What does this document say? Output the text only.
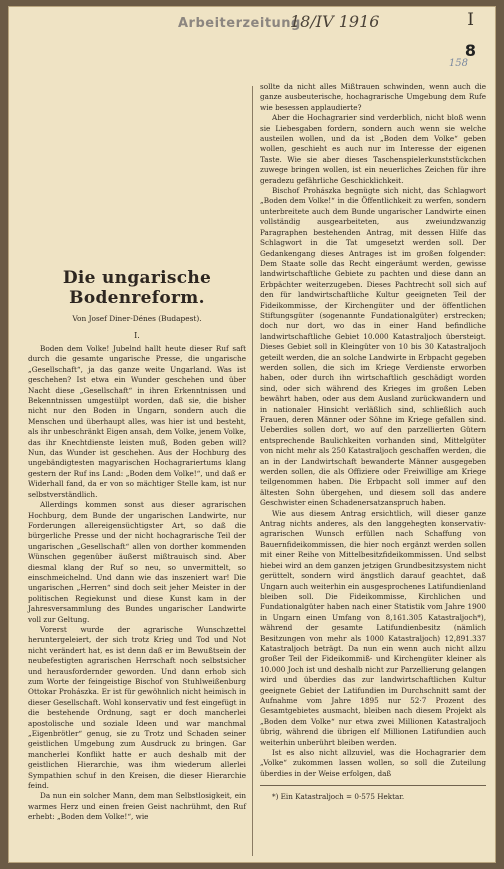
Arbeiterzeitung
18/IV 1916	I
8
158
Die ungarische Bodenreform.
Von Josef Diner-Dénes (Budapest).
I.

Boden dem Volke! Jubelnd hallt heute dieser Ruf saft durch die gesamte ungarische Presse, die ungarische „Gesellschaft“, ja das ganze weite Ungarland. Was ist geschehen? Ist etwa ein Wunder geschehen und über Nacht diese „Gesellschaft“ in ihren Erkenntnissen und Bekenntnissen umgestülpt worden, daß sie, die bisher nicht nur den Boden in Ungarn, sondern auch die Menschen und überhaupt alles, was hier ist und besteht, als ihr unbeschränkt Eigen ansah, dem Volke, jenem Volke, das ihr Knechtdienste leisten muß, Boden geben will? Nun, das Wunder ist geschehen. Aus der Hochburg des ungebändigtesten magyarischen Hochagrariertums klang gestern der Ruf ins Land: „Boden dem Volke!“, und daß er Widerhall fand, da er von so mächtiger Stelle kam, ist nur selbstverständlich.

Allerdings kommen sonst aus dieser agrarischen Hochburg, dem Bunde der ungarischen Landwirte, nur Forderungen allereigensüchtigster Art, so daß die bürgerliche Presse und der nicht hochagrarische Teil der ungarischen „Gesellschaft“ allen von dorther kommenden Wünschen gegenüber äußerst mißtrauisch sind. Aber diesmal klang der Ruf so neu, so unvermittelt, so einschmeichelnd. Und dann wie das inszeniert war! Die ungarischen „Herren“ sind doch seit jeher Meister in der politischen Regiekunst und diese Kunst kam in der Jahresversammlung des Bundes ungarischer Landwirte voll zur Geltung.

Vorerst wurde der agrarische Wunschzettel heruntergeleiert, der sich trotz Krieg und Tod und Not nicht verändert hat, es ist denn daß er im Bewußtsein der neubefestigten agrarischen Herrschaft noch selbstsicher und herausfordernder geworden. Und dann erhob sich zum Worte der feingeistige Bischof von Stuhlweißenburg Ottokar Prohászka. Er ist für gewöhnlich nicht heimisch in dieser Gesellschaft. Wohl konservativ und fest eingefügt in die bestehende Ordnung, sagt er doch mancherlei apostolische und soziale Ideen und war manchmal „Eigenbrötler“ genug, sie zu Trotz und Schaden seiner geistlichen Umgebung zum Ausdruck zu bringen. Gar mancherlei Konflikt hatte er auch deshalb mit der geistlichen Hierarchie, was ihm wiederum allerlei Sympathien schuf in den Kreisen, die dieser Hierarchie feind.

Da nun ein solcher Mann, dem man Selbstlosigkeit, ein warmes Herz und einen freien Geist nachrühmt, den Ruf erhebt: „Boden dem Volke!“, wie

sollte da nicht alles Mißtrauen schwinden, wenn auch die ganze ausbeuterische, hochagrarische Umgebung dem Rufe wie besessen applaudierte?

Aber die Hochagrarier sind verderblich, nicht bloß wenn sie Liebesgaben fordern, sondern auch wenn sie welche austeilen wollen, und da ist „Boden dem Volke“ geben wollen, geschieht es auch nur im Interesse der eigenen Taste. Wie sie aber dieses Taschenspielerkunststückchen zuwege bringen wollen, ist ein neuerliches Zeichen für ihre geradezu gefährliche Geschicklichkeit.

Bischof Prohászka begnügte sich nicht, das Schlagwort „Boden dem Volke!“ in die Öffentlichkeit zu werfen, sondern unterbreitete auch dem Bunde ungarischer Landwirte einen vollständig ausgearbeiteten, aus zweiundzwanzig Paragraphen bestehenden Antrag, mit dessen Hilfe das Schlagwort in die Tat umgesetzt werden soll. Der Gedankengang dieses Antrages ist im großen folgender: Dem Staate solle das Recht eingeräumt werden, gewisse landwirtschaftliche Gebiete zu pachten und diese dann an Erbpächter weiterzugeben. Dieses Pachtrecht soll sich auf den für landwirtschaftliche Kultur geeigneten Teil der Fideikommisse, der Kirchengüter und der öffentlichen Stiftungsgüter (sogenannte Fundationalgüter) erstrecken; doch nur dort, wo das in einer Hand befindliche landwirtschaftliche Gebiet 10.000 Katastraljoch übersteigt. Dieses Gebiet soll in Kleingüter von 10 bis 30 Katastraljoch geteilt werden, die an solche Landwirte in Erbpacht gegeben werden sollen, die sich im Kriege Verdienste erworben haben, oder durch ihn wirtschaftlich geschädigt worden sind, oder sich während des Krieges im großen Leben bewährt haben, oder aus dem Ausland zurückwandern und in nationaler Hinsicht verläßlich sind, schließlich auch Frauen, deren Männer oder Söhne im Kriege gefallen sind. Ueberdies sollen dort, wo auf den parzellierten Gütern entsprechende Baulichkeiten vorhanden sind, Mittelgüter von nicht mehr als 250 Katastraljoch geschaffen werden, die an in der Landwirtschaft bewanderte Männer ausgegeben werden sollen, die als Offiziere oder Freiwillige am Kriege teilgenommen haben. Die Erbpacht soll immer auf den ältesten Sohn übergehen, und diesem soll das andere Geschwister einen Schadenersatzanspruch haben.

Wie aus diesem Antrag ersichtlich, will dieser ganze Antrag nichts anderes, als den langgehegten konservativ-agrarischen Wunsch erfüllen nach Schaffung von Bauernfideikommissen, die hier noch ergänzt werden sollen mit einer Reihe von Mittelbesitzfideikommissen. Und selbst hiebei wird an dem ganzen jetzigen Grundbesitzsystem nicht gerüttelt, sondern wird ängstlich darauf geachtet, daß Ungarn auch weiterhin ein ausgesprochenes Latifundienland bleiben soll. Die Fideikommisse, Kirchlichen und Fundationalgüter haben nach einer Statistik vom Jahre 1900 in Ungarn einen Umfang von 8,161.305 Katastraljoch*), während der gesamte Latifundienbesitz (nämlich Besitzungen von mehr als 1000 Katastraljoch) 12,891.337 Katastraljoch beträgt. Da nun ein wenn auch nicht allzu großer Teil der Fideikommiß- und Kirchengüter kleiner als 10.000 Joch ist und deshalb nicht zur Parzellierung gelangen wird und überdies das zur landwirtschaftlichen Kultur geeignete Gebiet der Latifundien im Durchschnitt samt der Aufnahme vom Jahre 1895 nur 52·7 Prozent des Gesamtgebietes ausmacht, bleiben nach diesem Projekt als „Boden dem Volke“ nur etwa zwei Millionen Katastraljoch übrig, während die übrigen elf Millionen Latifundien auch weiterhin unberührt bleiben werden.

Ist es also nicht allzuviel, was die Hochagrarier dem „Volke“ zukommen lassen wollen, so soll die Zuteilung überdies in der Weise erfolgen, daß

*) Ein Katastraljoch = 0·575 Hektar.
